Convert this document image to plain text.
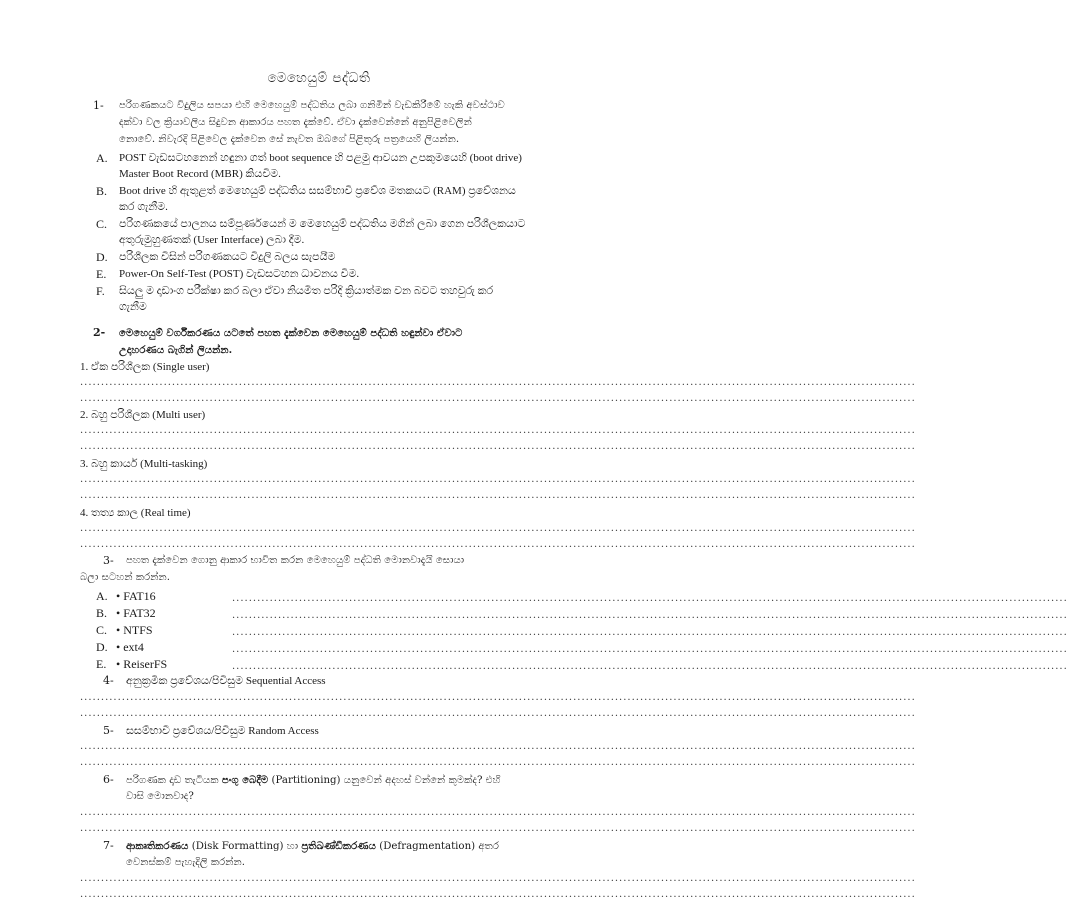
මෙහෙයුම් පද්ධති
1- පරිගණකයට විදුලිය සපයා එහි මෙහෙයුම් පද්ධතිය ලබා ගනිමින් වැඩකිරීමේ හැකි අවස්ථාව
දක්වා වල ක්‍රියාවලිය සිදුවන ආකාරය පහත දැක්වේ. ඒවා දැක්වෙන්නේ අනුපිළිවෙලින්
නොවේ. නිවැරදි පිළිවෙල දැක්වෙන සේ නැවත ඔබගේ පිළිතුරු පත්‍රයෙහි ලියන්න.
A. POST වැඩසටහනෙන් හඳුනා ගත් boot sequence හි පළමු ආවයන උපකුමයෙහි (boot drive)
Master Boot Record (MBR) කියවීම.
B. Boot drive හි ඇතුළත් මෙහෙයුම් පද්ධතිය සසම්භාවී ප්‍රවේශ මතකයට (RAM) ප්‍රවේශනය
කර ගැනීම.
C. පරිගණකයේ පාලනය සම්පූර්ණයෙන් ම මෙහෙයුම් පද්ධතිය මගින් ලබා ගෙන පරිශීලකයාට
අතුරුමුහුණතක් (User Interface) ලබා දීම.
D. පරිශීලක විසින් පරිගණකයට විදුලි බලය සැපයීම
E. Power-On Self-Test (POST) වැඩසටහන ධාවනය වීම.
F. සියලු ම දෘඩාංග පරීක්ෂා කර බලා ඒවා නියමිත පරිදි ක්‍රියාත්මක වන බවට තහවුරු කර
ගැනීම
2- මෙහෙයුම් වර්ගීකරණය යටතේ පහත දැක්වෙන මෙහෙයුම් පද්ධති හඳුන්වා ඒවාට
උදාහරණය බැගින් ලියන්න.
1. ඒක පරිශීලක (Single user)
........................................................................................................................................................................................................
........................................................................................................................................................................................................
2. බහු පරිශීලක (Multi user)
........................................................................................................................................................................................................
........................................................................................................................................................................................................
3. බහු කාර්ය (Multi-tasking)
........................................................................................................................................................................................................
........................................................................................................................................................................................................
4. තත්‍ය කාල (Real time)
........................................................................................................................................................................................................
........................................................................................................................................................................................................
3- පහත දැක්වෙන ගොනු ආකාර භාවිත කරන මෙහෙයුම් පද්ධති මොනවාදැයි සොයා
බලා සටහන් කරන්න.
A. • FAT16	........................................................................................................................................................................................................
B. • FAT32	........................................................................................................................................................................................................
C. • NTFS	........................................................................................................................................................................................................
D. • ext4	........................................................................................................................................................................................................
E. • ReiserFS	........................................................................................................................................................................................................
4- අනුක්‍රමික ප්‍රවේශය/පිවිසුම Sequential Access
........................................................................................................................................................................................................
........................................................................................................................................................................................................
5- සසම්භාවී ප්‍රවේශය/පිවිසුම Random Access
........................................................................................................................................................................................................
........................................................................................................................................................................................................
6- පරිගණක දෘඩ තැටියක පංගු බෙදීම (Partitioning) යනුවෙන් අදහස් වන්නේ කුමක්ද? එහි
වාසි මොනවාද?
........................................................................................................................................................................................................
........................................................................................................................................................................................................
7- ආකෘතිකරණය (Disk Formatting) හා ප්‍රතිඛණ්ඩීකරණය (Defragmentation) අතර
වෙනස්කම් පැහැදිලි කරන්න.
........................................................................................................................................................................................................
........................................................................................................................................................................................................
